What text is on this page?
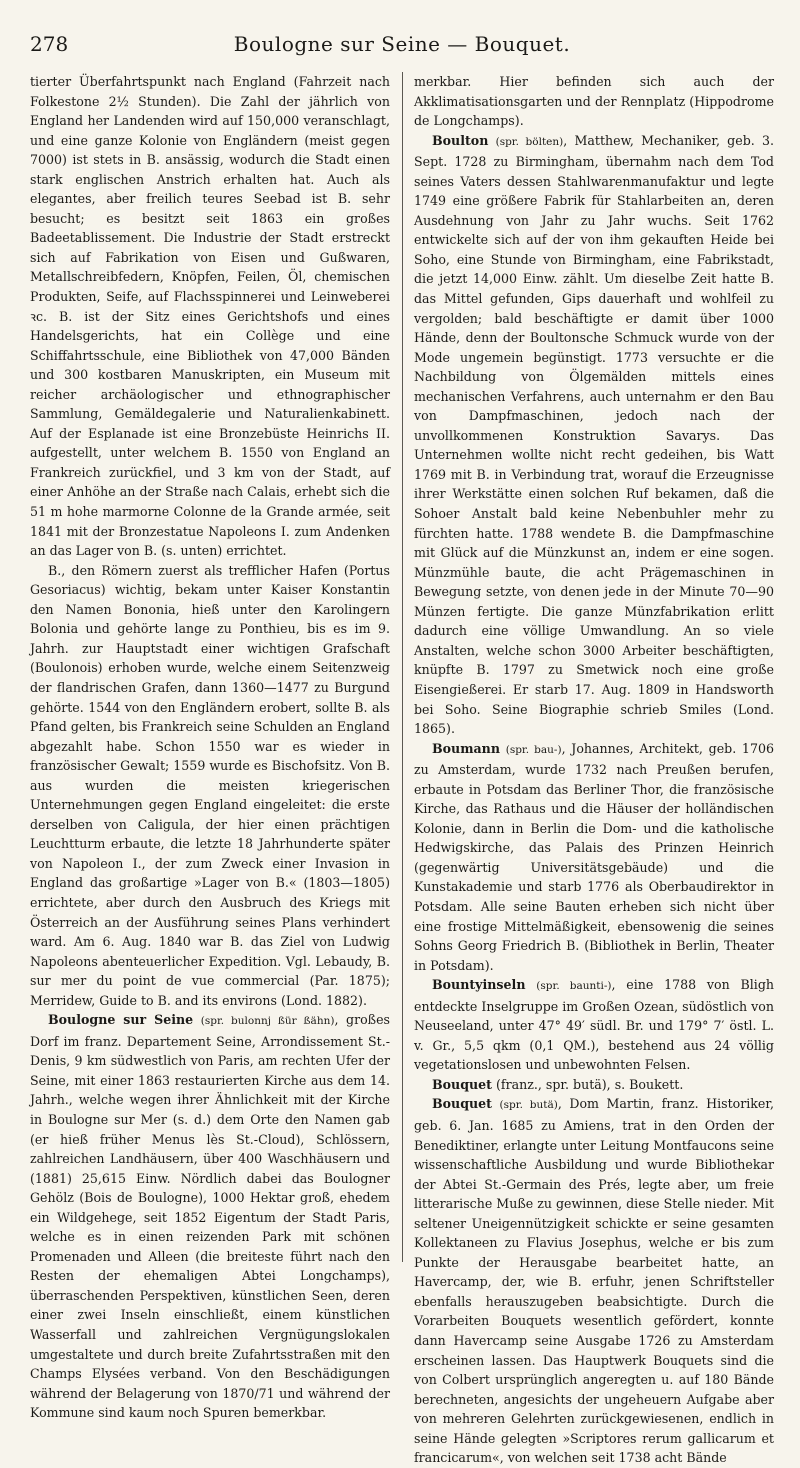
278	Boulogne sur Seine — Bouquet.

tierter Überfahrtspunkt nach England (Fahrzeit nach Folkestone 2½ Stunden). Die Zahl der jährlich von England her Landenden wird auf 150,000 veranschlagt, und eine ganze Kolonie von Engländern (meist gegen 7000) ist stets in B. ansässig, wodurch die Stadt einen stark englischen Anstrich erhalten hat. Auch als elegantes, aber freilich teures Seebad ist B. sehr besucht; es besitzt seit 1863 ein großes Badeetablissement. Die Industrie der Stadt erstreckt sich auf Fabrikation von Eisen und Gußwaren, Metallschreibfedern, Knöpfen, Feilen, Öl, chemischen Produkten, Seife, auf Flachsspinnerei und Leinweberei ꝛc. B. ist der Sitz eines Gerichtshofs und eines Handelsgerichts, hat ein Collège und eine Schiffahrtsschule, eine Bibliothek von 47,000 Bänden und 300 kostbaren Manuskripten, ein Museum mit reicher archäologischer und ethnographischer Sammlung, Gemäldegalerie und Naturalienkabinett. Auf der Esplanade ist eine Bronzebüste Heinrichs II. aufgestellt, unter welchem B. 1550 von England an Frankreich zurückfiel, und 3 km von der Stadt, auf einer Anhöhe an der Straße nach Calais, erhebt sich die 51 m hohe marmorne Colonne de la Grande armée, seit 1841 mit der Bronzestatue Napoleons I. zum Andenken an das Lager von B. (s. unten) errichtet.

B., den Römern zuerst als trefflicher Hafen (Portus Gesoriacus) wichtig, bekam unter Kaiser Konstantin den Namen Bononia, hieß unter den Karolingern Bolonia und gehörte lange zu Ponthieu, bis es im 9. Jahrh. zur Hauptstadt einer wichtigen Grafschaft (Boulonois) erhoben wurde, welche einem Seitenzweig der flandrischen Grafen, dann 1360—1477 zu Burgund gehörte. 1544 von den Engländern erobert, sollte B. als Pfand gelten, bis Frankreich seine Schulden an England abgezahlt habe. Schon 1550 war es wieder in französischer Gewalt; 1559 wurde es Bischofsitz. Von B. aus wurden die meisten kriegerischen Unternehmungen gegen England eingeleitet: die erste derselben von Caligula, der hier einen prächtigen Leuchtturm erbaute, die letzte 18 Jahrhunderte später von Napoleon I., der zum Zweck einer Invasion in England das großartige »Lager von B.« (1803—1805) errichtete, aber durch den Ausbruch des Kriegs mit Österreich an der Ausführung seines Plans verhindert ward. Am 6. Aug. 1840 war B. das Ziel von Ludwig Napoleons abenteuerlicher Expedition. Vgl. Lebaudy, B. sur mer du point de vue commercial (Par. 1875); Merridew, Guide to B. and its environs (Lond. 1882).

Boulogne sur Seine (spr. bulonnj ßür ßähn), großes Dorf im franz. Departement Seine, Arrondissement St.-Denis, 9 km südwestlich von Paris, am rechten Ufer der Seine, mit einer 1863 restaurierten Kirche aus dem 14. Jahrh., welche wegen ihrer Ähnlichkeit mit der Kirche in Boulogne sur Mer (s. d.) dem Orte den Namen gab (er hieß früher Menus lès St.-Cloud), Schlössern, zahlreichen Landhäusern, über 400 Waschhäusern und (1881) 25,615 Einw. Nördlich dabei das Boulogner Gehölz (Bois de Boulogne), 1000 Hektar groß, ehedem ein Wildgehege, seit 1852 Eigentum der Stadt Paris, welche es in einen reizenden Park mit schönen Promenaden und Alleen (die breiteste führt nach den Resten der ehemaligen Abtei Longchamps), überraschenden Perspektiven, künstlichen Seen, deren einer zwei Inseln einschließt, einem künstlichen Wasserfall und zahlreichen Vergnügungslokalen umgestaltete und durch breite Zufahrtsstraßen mit den Champs Elysées verband. Von den Beschädigungen während der Belagerung von 1870/71 und während der Kommune sind kaum noch Spuren bemerkbar.

merkbar. Hier befinden sich auch der Akklimatisationsgarten und der Rennplatz (Hippodrome de Longchamps).

Boulton (spr. bölten), Matthew, Mechaniker, geb. 3. Sept. 1728 zu Birmingham, übernahm nach dem Tod seines Vaters dessen Stahlwarenmanufaktur und legte 1749 eine größere Fabrik für Stahlarbeiten an, deren Ausdehnung von Jahr zu Jahr wuchs. Seit 1762 entwickelte sich auf der von ihm gekauften Heide bei Soho, eine Stunde von Birmingham, eine Fabrikstadt, die jetzt 14,000 Einw. zählt. Um dieselbe Zeit hatte B. das Mittel gefunden, Gips dauerhaft und wohlfeil zu vergolden; bald beschäftigte er damit über 1000 Hände, denn der Boultonsche Schmuck wurde von der Mode ungemein begünstigt. 1773 versuchte er die Nachbildung von Ölgemälden mittels eines mechanischen Verfahrens, auch unternahm er den Bau von Dampfmaschinen, jedoch nach der unvollkommenen Konstruktion Savarys. Das Unternehmen wollte nicht recht gedeihen, bis Watt 1769 mit B. in Verbindung trat, worauf die Erzeugnisse ihrer Werkstätte einen solchen Ruf bekamen, daß die Sohoer Anstalt bald keine Nebenbuhler mehr zu fürchten hatte. 1788 wendete B. die Dampfmaschine mit Glück auf die Münzkunst an, indem er eine sogen. Münzmühle baute, die acht Prägemaschinen in Bewegung setzte, von denen jede in der Minute 70—90 Münzen fertigte. Die ganze Münzfabrikation erlitt dadurch eine völlige Umwandlung. An so viele Anstalten, welche schon 3000 Arbeiter beschäftigten, knüpfte B. 1797 zu Smetwick noch eine große Eisengießerei. Er starb 17. Aug. 1809 in Handsworth bei Soho. Seine Biographie schrieb Smiles (Lond. 1865).

Boumann (spr. bau-), Johannes, Architekt, geb. 1706 zu Amsterdam, wurde 1732 nach Preußen berufen, erbaute in Potsdam das Berliner Thor, die französische Kirche, das Rathaus und die Häuser der holländischen Kolonie, dann in Berlin die Dom- und die katholische Hedwigskirche, das Palais des Prinzen Heinrich (gegenwärtig Universitätsgebäude) und die Kunstakademie und starb 1776 als Oberbaudirektor in Potsdam. Alle seine Bauten erheben sich nicht über eine frostige Mittelmäßigkeit, ebensowenig die seines Sohns Georg Friedrich B. (Bibliothek in Berlin, Theater in Potsdam).

Bountyinseln (spr. baunti-), eine 1788 von Bligh entdeckte Inselgruppe im Großen Ozean, südöstlich von Neuseeland, unter 47° 49′ südl. Br. und 179° 7′ östl. L. v. Gr., 5,5 qkm (0,1 QM.), bestehend aus 24 völlig vegetationslosen und unbewohnten Felsen.

Bouquet (franz., spr. butä), s. Boukett.

Bouquet (spr. butä), Dom Martin, franz. Historiker, geb. 6. Jan. 1685 zu Amiens, trat in den Orden der Benediktiner, erlangte unter Leitung Montfaucons seine wissenschaftliche Ausbildung und wurde Bibliothekar der Abtei St.-Germain des Prés, legte aber, um freie litterarische Muße zu gewinnen, diese Stelle nieder. Mit seltener Uneigennützigkeit schickte er seine gesamten Kollektaneen zu Flavius Josephus, welche er bis zum Punkte der Herausgabe bearbeitet hatte, an Havercamp, der, wie B. erfuhr, jenen Schriftsteller ebenfalls herauszugeben beabsichtigte. Durch die Vorarbeiten Bouquets wesentlich gefördert, konnte dann Havercamp seine Ausgabe 1726 zu Amsterdam erscheinen lassen. Das Hauptwerk Bouquets sind die von Colbert ursprünglich angeregten u. auf 180 Bände berechneten, angesichts der ungeheuern Aufgabe aber von mehreren Gelehrten zurückgewiesenen, endlich in seine Hände gelegten »Scriptores rerum gallicarum et francicarum«, von welchen seit 1738 acht Bände
